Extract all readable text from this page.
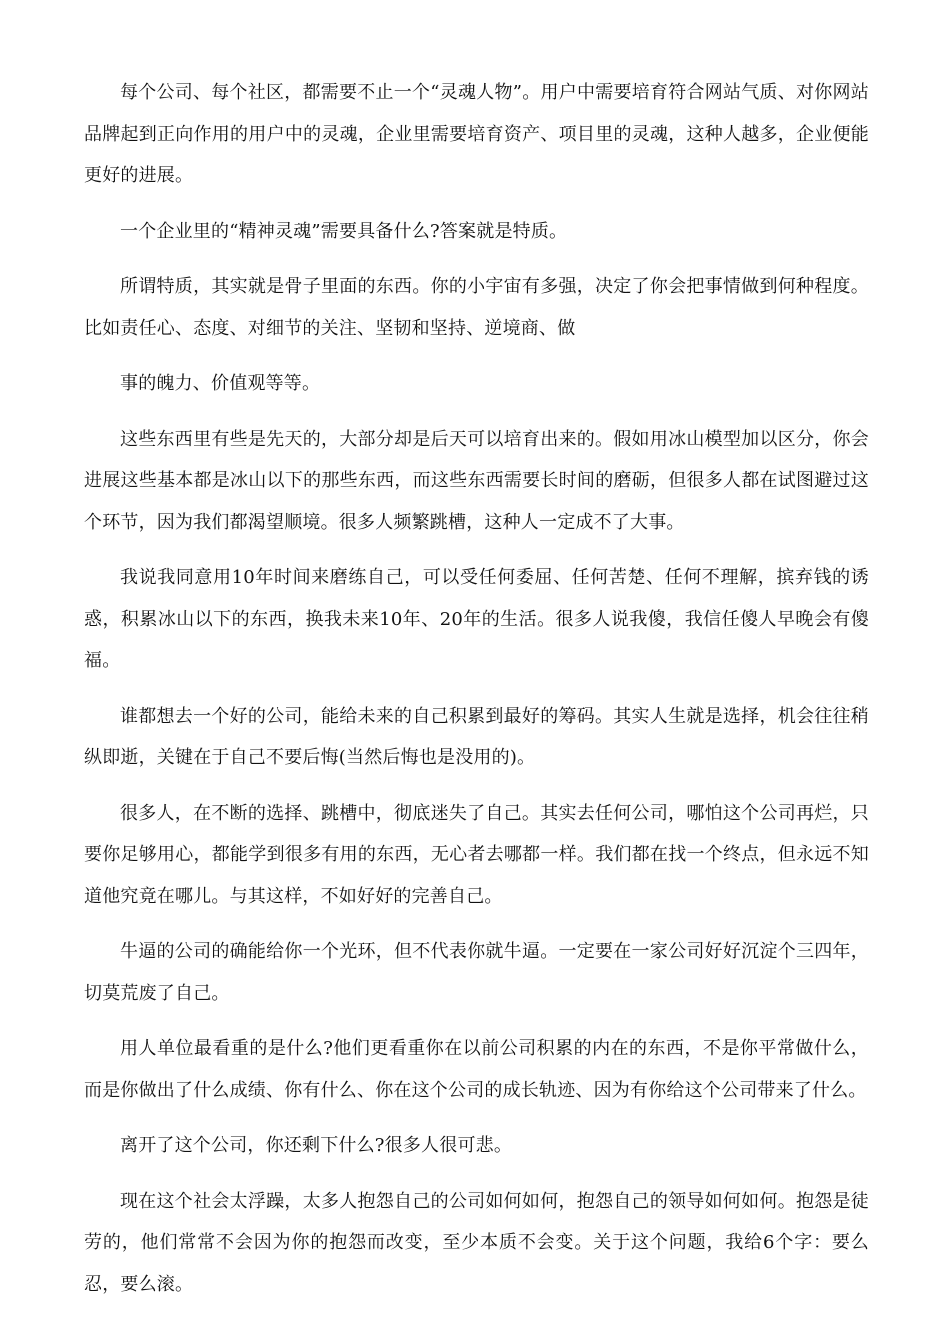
每个公司、每个社区，都需要不止一个“灵魂人物”。用户中需要培育符合网站气质、对你网站品牌起到正向作用的用户中的灵魂，企业里需要培育资产、项目里的灵魂，这种人越多，企业便能更好的进展。

一个企业里的“精神灵魂”需要具备什么?答案就是特质。

所谓特质，其实就是骨子里面的东西。你的小宇宙有多强，决定了你会把事情做到何种程度。比如责任心、态度、对细节的关注、坚韧和坚持、逆境商、做

事的魄力、价值观等等。

这些东西里有些是先天的，大部分却是后天可以培育出来的。假如用冰山模型加以区分，你会进展这些基本都是冰山以下的那些东西，而这些东西需要长时间的磨砺，但很多人都在试图避过这个环节，因为我们都渴望顺境。很多人频繁跳槽，这种人一定成不了大事。

我说我同意用10年时间来磨练自己，可以受任何委屈、任何苦楚、任何不理解，摈弃钱的诱惑，积累冰山以下的东西，换我未来10年、20年的生活。很多人说我傻，我信任傻人早晚会有傻福。

谁都想去一个好的公司，能给未来的自己积累到最好的筹码。其实人生就是选择，机会往往稍纵即逝，关键在于自己不要后悔(当然后悔也是没用的)。

很多人，在不断的选择、跳槽中，彻底迷失了自己。其实去任何公司，哪怕这个公司再烂，只要你足够用心，都能学到很多有用的东西，无心者去哪都一样。我们都在找一个终点，但永远不知道他究竟在哪儿。与其这样，不如好好的完善自己。

牛逼的公司的确能给你一个光环，但不代表你就牛逼。一定要在一家公司好好沉淀个三四年，切莫荒废了自己。

用人单位最看重的是什么?他们更看重你在以前公司积累的内在的东西，不是你平常做什么，而是你做出了什么成绩、你有什么、你在这个公司的成长轨迹、因为有你给这个公司带来了什么。

离开了这个公司，你还剩下什么?很多人很可悲。

现在这个社会太浮躁，太多人抱怨自己的公司如何如何，抱怨自己的领导如何如何。抱怨是徒劳的，他们常常不会因为你的抱怨而改变，至少本质不会变。关于这个问题，我给6个字：要么忍，要么滚。
